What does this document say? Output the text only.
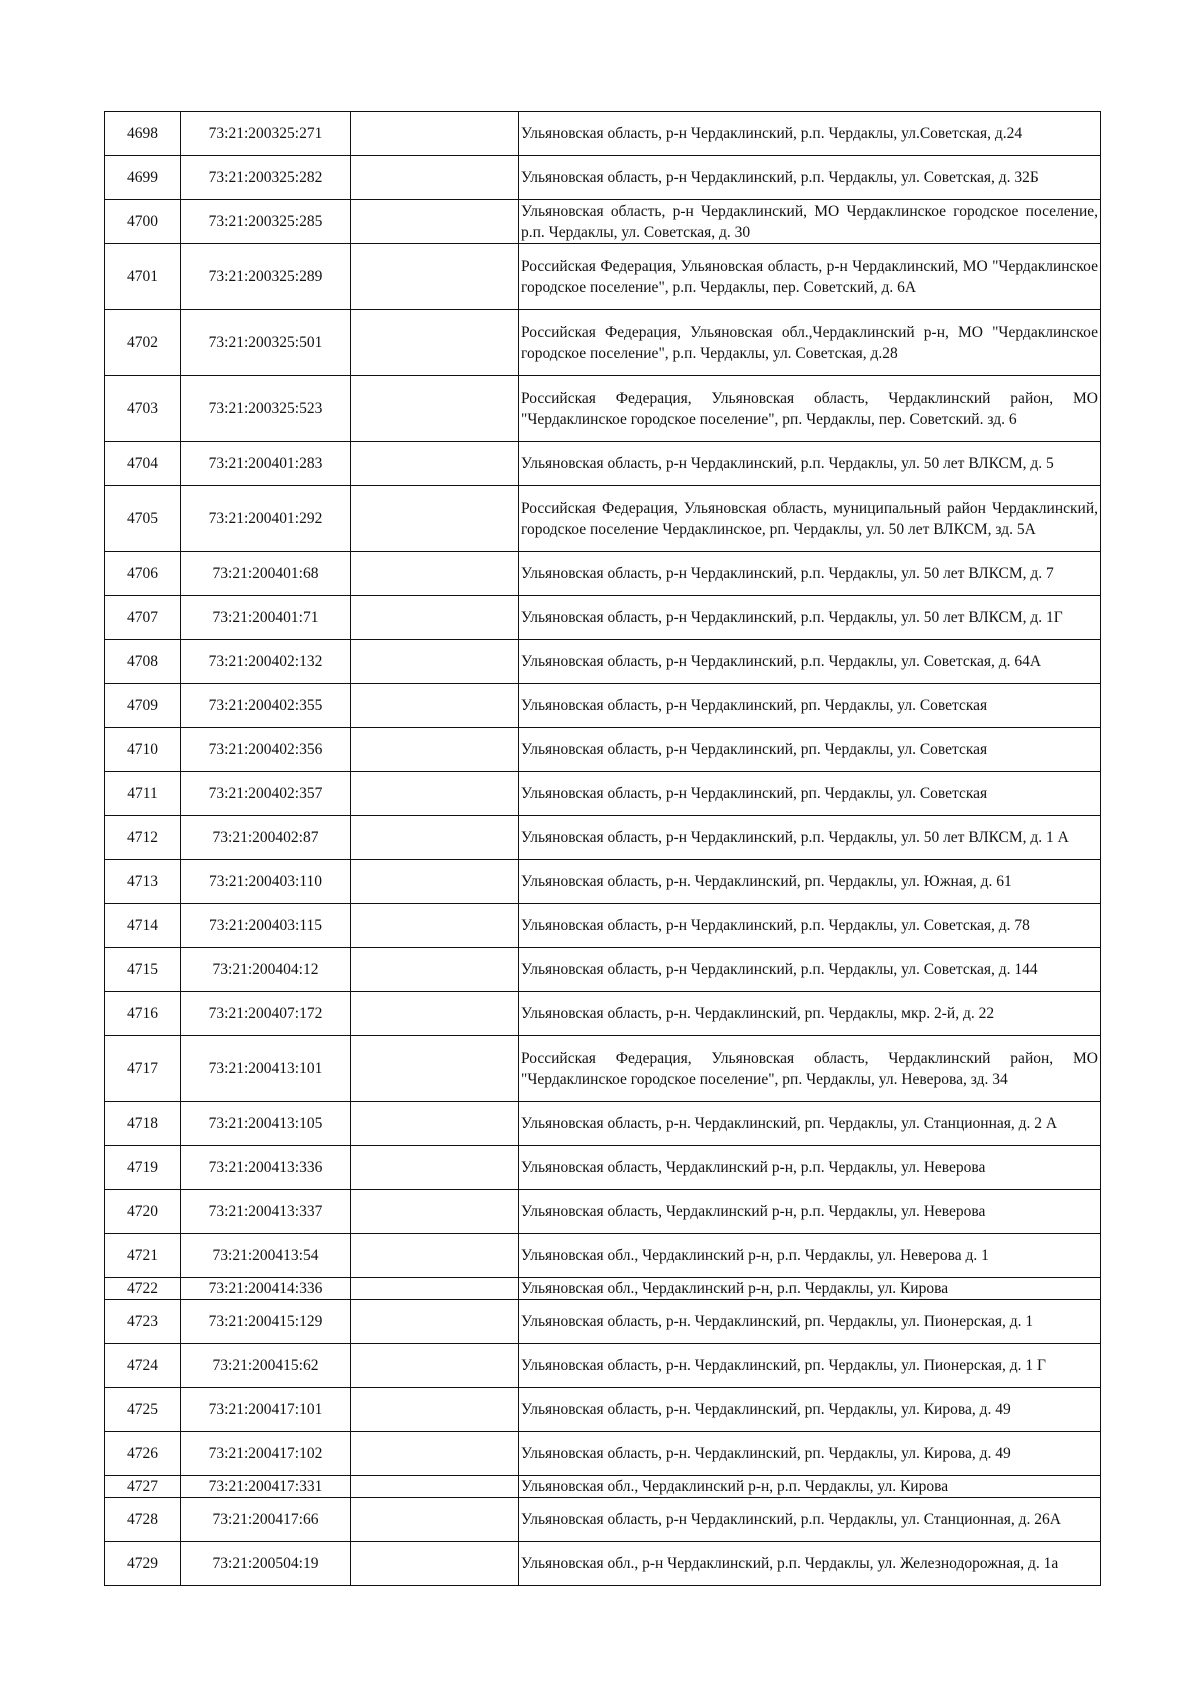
4698	73:21:200325:271		Ульяновская область, р-н Чердаклинский, р.п. Чердаклы, ул.Советская, д.24
4699	73:21:200325:282		Ульяновская область, р-н Чердаклинский, р.п. Чердаклы, ул. Советская, д. 32Б
4700	73:21:200325:285		Ульяновская область, р-н Чердаклинский, МО Чердаклинское городское поселение, р.п. Чердаклы, ул. Советская, д. 30
4701	73:21:200325:289		Российская Федерация, Ульяновская область, р-н Чердаклинский, МО "Чердаклинское городское поселение", р.п. Чердаклы, пер. Советский, д. 6А
4702	73:21:200325:501		Российская Федерация, Ульяновская обл.,Чердаклинский р-н, МО "Чердаклинское городское поселение", р.п. Чердаклы, ул. Советская, д.28
4703	73:21:200325:523		Российская Федерация, Ульяновская область, Чердаклинский район, МО "Чердаклинское городское поселение", рп. Чердаклы, пер. Советский. зд. 6
4704	73:21:200401:283		Ульяновская область, р-н Чердаклинский, р.п. Чердаклы, ул. 50 лет ВЛКСМ, д. 5
4705	73:21:200401:292		Российская Федерация, Ульяновская область, муниципальный район Чердаклинский, городское поселение Чердаклинское, рп. Чердаклы, ул. 50 лет ВЛКСМ, зд. 5А
4706	73:21:200401:68		Ульяновская область, р-н Чердаклинский, р.п. Чердаклы, ул. 50 лет ВЛКСМ, д. 7
4707	73:21:200401:71		Ульяновская область, р-н Чердаклинский, р.п. Чердаклы, ул. 50 лет ВЛКСМ, д. 1Г
4708	73:21:200402:132		Ульяновская область, р-н Чердаклинский, р.п. Чердаклы, ул. Советская, д. 64А
4709	73:21:200402:355		Ульяновская область, р-н Чердаклинский, рп. Чердаклы, ул. Советская
4710	73:21:200402:356		Ульяновская область, р-н Чердаклинский, рп. Чердаклы, ул. Советская
4711	73:21:200402:357		Ульяновская область, р-н Чердаклинский, рп. Чердаклы, ул. Советская
4712	73:21:200402:87		Ульяновская область, р-н Чердаклинский, р.п. Чердаклы, ул. 50 лет ВЛКСМ, д. 1 А
4713	73:21:200403:110		Ульяновская область, р-н. Чердаклинский, рп. Чердаклы, ул. Южная, д. 61
4714	73:21:200403:115		Ульяновская область, р-н Чердаклинский, р.п. Чердаклы, ул. Советская, д. 78
4715	73:21:200404:12		Ульяновская область, р-н Чердаклинский, р.п. Чердаклы, ул. Советская, д. 144
4716	73:21:200407:172		Ульяновская область, р-н. Чердаклинский, рп. Чердаклы, мкр. 2-й, д. 22
4717	73:21:200413:101		Российская Федерация, Ульяновская область, Чердаклинский район, МО "Чердаклинское городское поселение", рп. Чердаклы, ул. Неверова, зд. 34
4718	73:21:200413:105		Ульяновская область, р-н. Чердаклинский, рп. Чердаклы, ул. Станционная, д. 2 А
4719	73:21:200413:336		Ульяновская область, Чердаклинский р-н, р.п. Чердаклы, ул. Неверова
4720	73:21:200413:337		Ульяновская область, Чердаклинский р-н, р.п. Чердаклы, ул. Неверова
4721	73:21:200413:54		Ульяновская обл., Чердаклинский р-н, р.п. Чердаклы, ул. Неверова д. 1
4722	73:21:200414:336		Ульяновская обл., Чердаклинский р-н, р.п. Чердаклы, ул. Кирова
4723	73:21:200415:129		Ульяновская область, р-н. Чердаклинский, рп. Чердаклы, ул. Пионерская, д. 1
4724	73:21:200415:62		Ульяновская область, р-н. Чердаклинский, рп. Чердаклы, ул. Пионерская, д. 1 Г
4725	73:21:200417:101		Ульяновская область, р-н. Чердаклинский, рп. Чердаклы, ул. Кирова, д. 49
4726	73:21:200417:102		Ульяновская область, р-н. Чердаклинский, рп. Чердаклы, ул. Кирова, д. 49
4727	73:21:200417:331		Ульяновская обл., Чердаклинский р-н, р.п. Чердаклы, ул. Кирова
4728	73:21:200417:66		Ульяновская область, р-н Чердаклинский, р.п. Чердаклы, ул. Станционная, д. 26А
4729	73:21:200504:19		Ульяновская обл., р-н Чердаклинский, р.п. Чердаклы, ул. Железнодорожная, д. 1а
